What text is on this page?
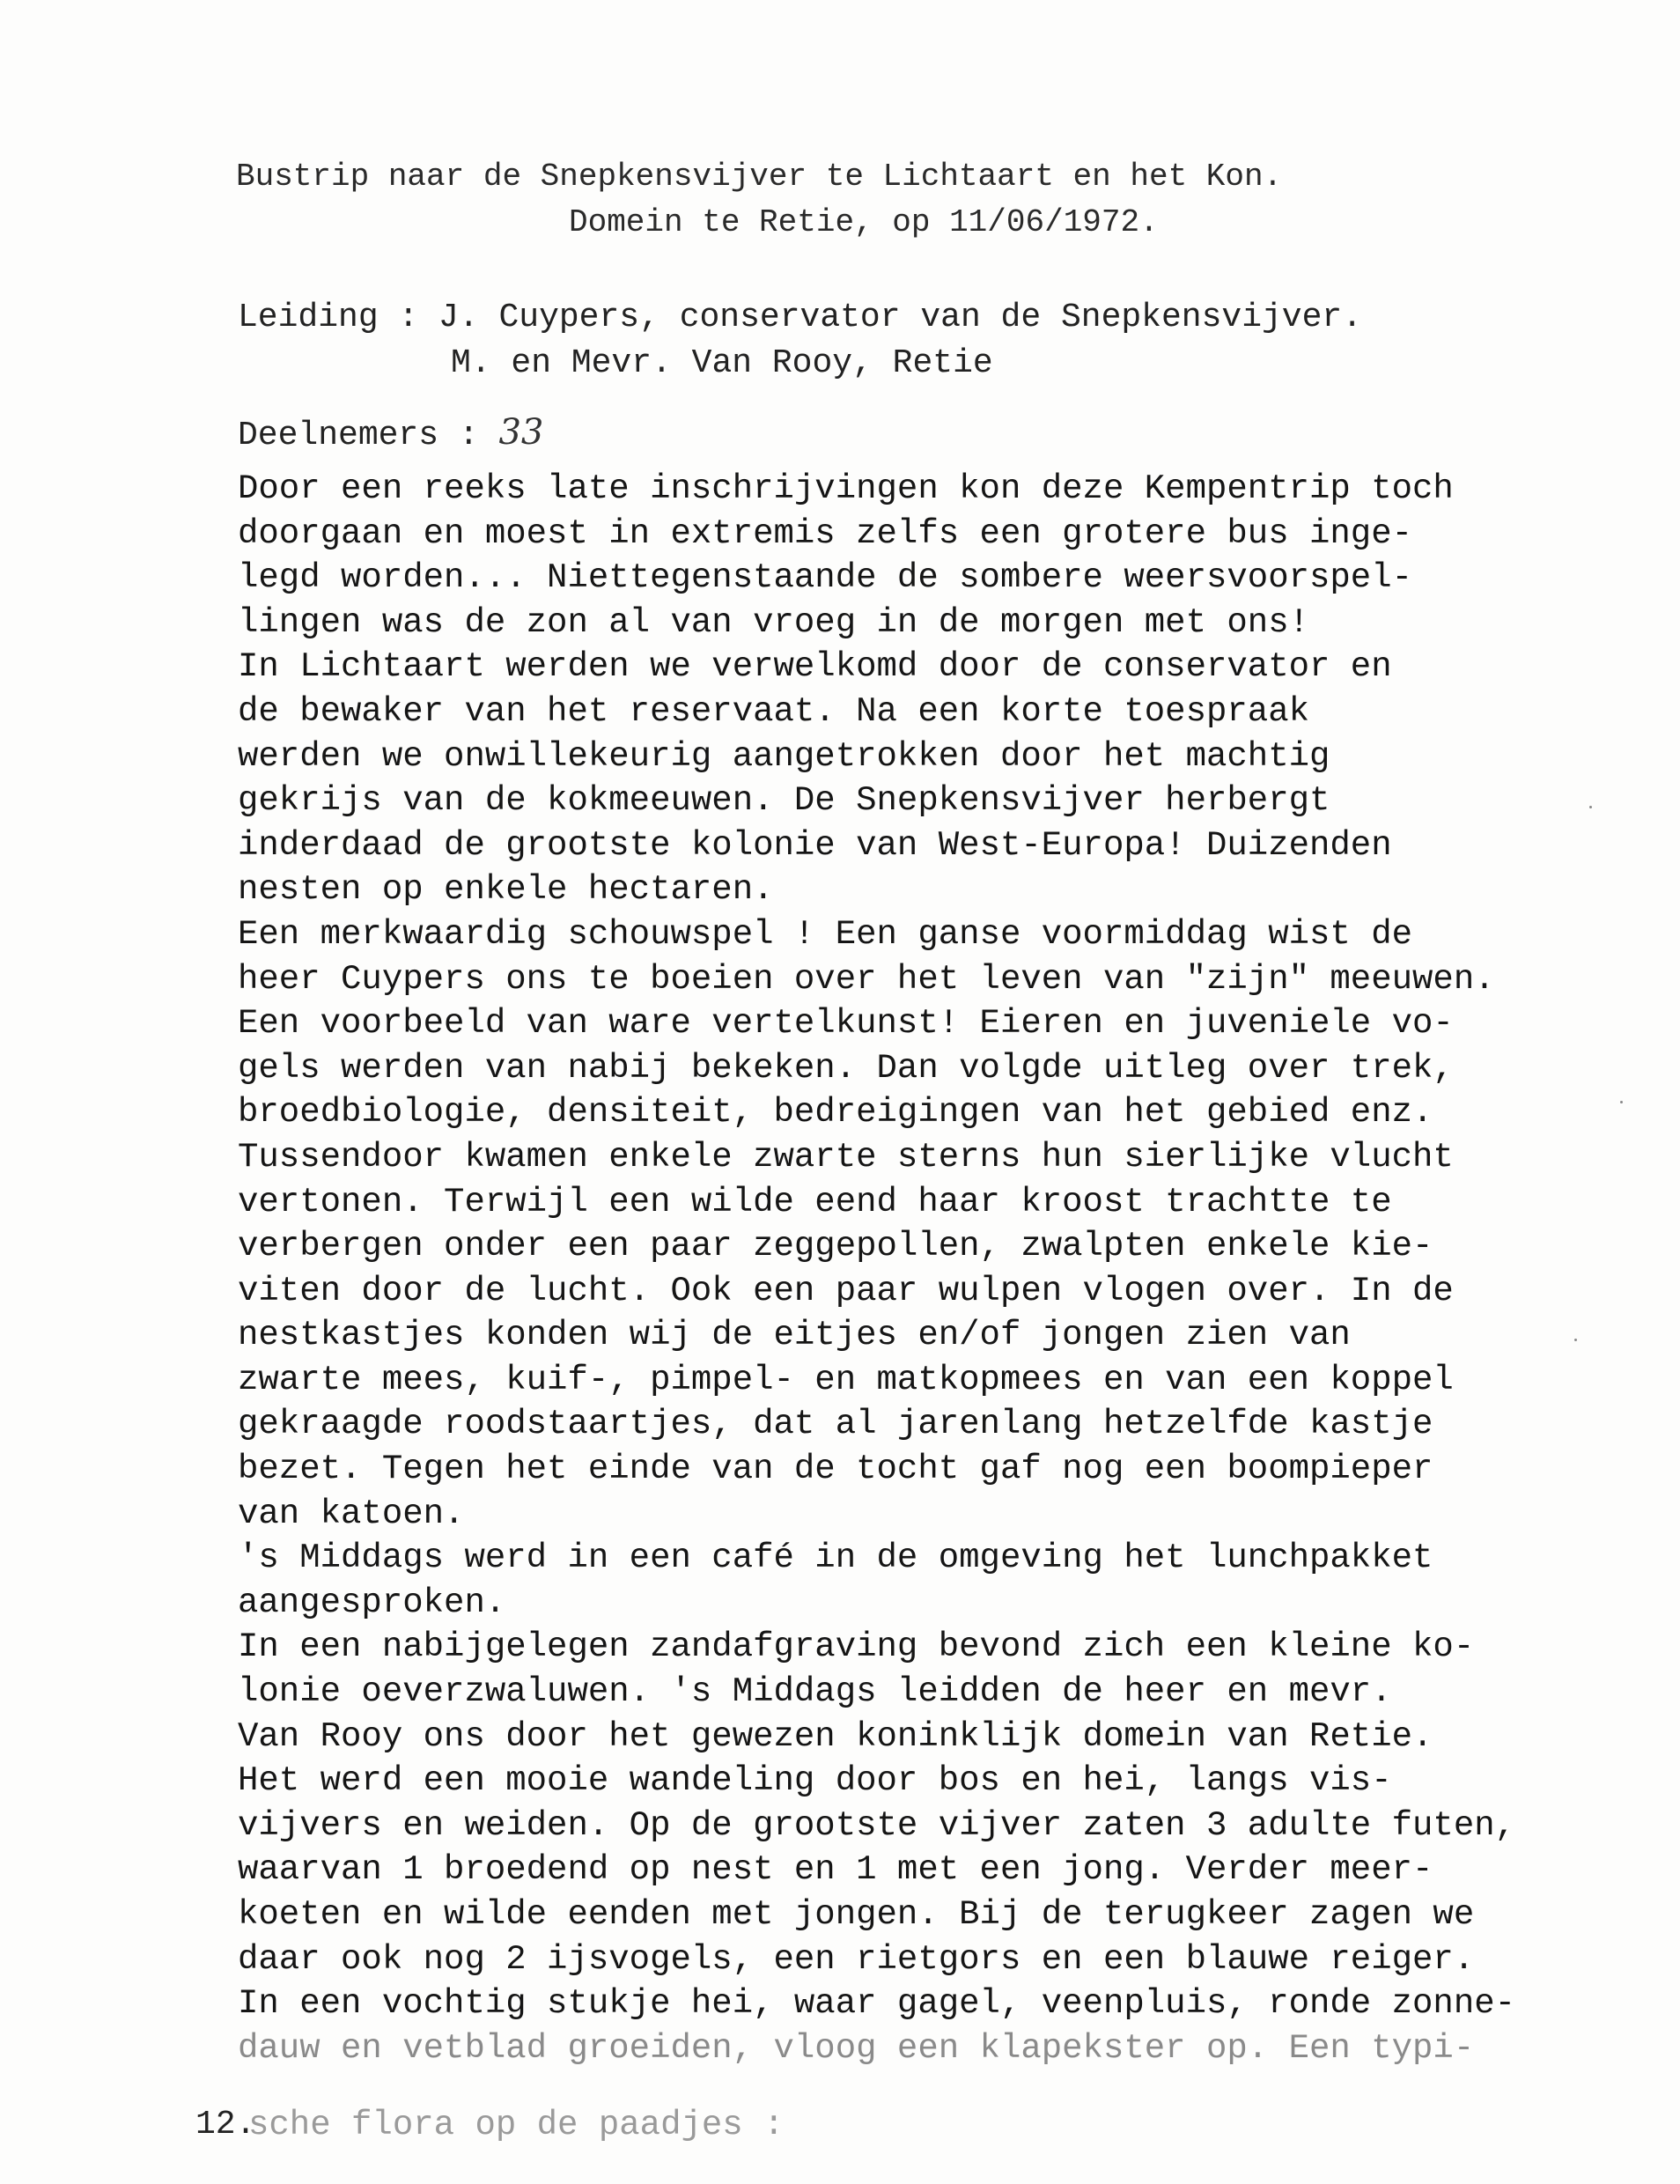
Bustrip naar de Snepkensvijver te Lichtaart en het Kon.
Domein te Retie, op 11/06/1972.
Leiding : J. Cuypers, conservator van de Snepkensvijver.
M. en Mevr. Van Rooy, Retie
Deelnemers : 33
Door een reeks late inschrijvingen kon deze Kempentrip toch
doorgaan en moest in extremis zelfs een grotere bus inge-
legd worden... Niettegenstaande de sombere weersvoorspel-
lingen was de zon al van vroeg in de morgen met ons!
In Lichtaart werden we verwelkomd door de conservator en
de bewaker van het reservaat. Na een korte toespraak
werden we onwillekeurig aangetrokken door het machtig
gekrijs van de kokmeeuwen. De Snepkensvijver herbergt
inderdaad de grootste kolonie van West-Europa! Duizenden
nesten op enkele hectaren.
Een merkwaardig schouwspel ! Een ganse voormiddag wist de
heer Cuypers ons te boeien over het leven van "zijn" meeuwen.
Een voorbeeld van ware vertelkunst! Eieren en juveniele vo-
gels werden van nabij bekeken. Dan volgde uitleg over trek,
broedbiologie, densiteit, bedreigingen van het gebied enz.
Tussendoor kwamen enkele zwarte sterns hun sierlijke vlucht
vertonen. Terwijl een wilde eend haar kroost trachtte te
verbergen onder een paar zeggepollen, zwalpten enkele kie-
viten door de lucht. Ook een paar wulpen vlogen over. In de
nestkastjes konden wij de eitjes en/of jongen zien van
zwarte mees, kuif-, pimpel- en matkopmees en van een koppel
gekraagde roodstaartjes, dat al jarenlang hetzelfde kastje
bezet. Tegen het einde van de tocht gaf nog een boompieper
van katoen.
's Middags werd in een café in de omgeving het lunchpakket
aangesproken.
In een nabijgelegen zandafgraving bevond zich een kleine ko-
lonie oeverzwaluwen. 's Middags leidden de heer en mevr.
Van Rooy ons door het gewezen koninklijk domein van Retie.
Het werd een mooie wandeling door bos en hei, langs vis-
vijvers en weiden. Op de grootste vijver zaten 3 adulte futen,
waarvan 1 broedend op nest en 1 met een jong. Verder meer-
koeten en wilde eenden met jongen. Bij de terugkeer zagen we
daar ook nog 2 ijsvogels, een rietgors en een blauwe reiger.
In een vochtig stukje hei, waar gagel, veenpluis, ronde zonne-
dauw en vetblad groeiden, vloog een klapekster op. Een typi-
12.
sche flora op de paadjes :
